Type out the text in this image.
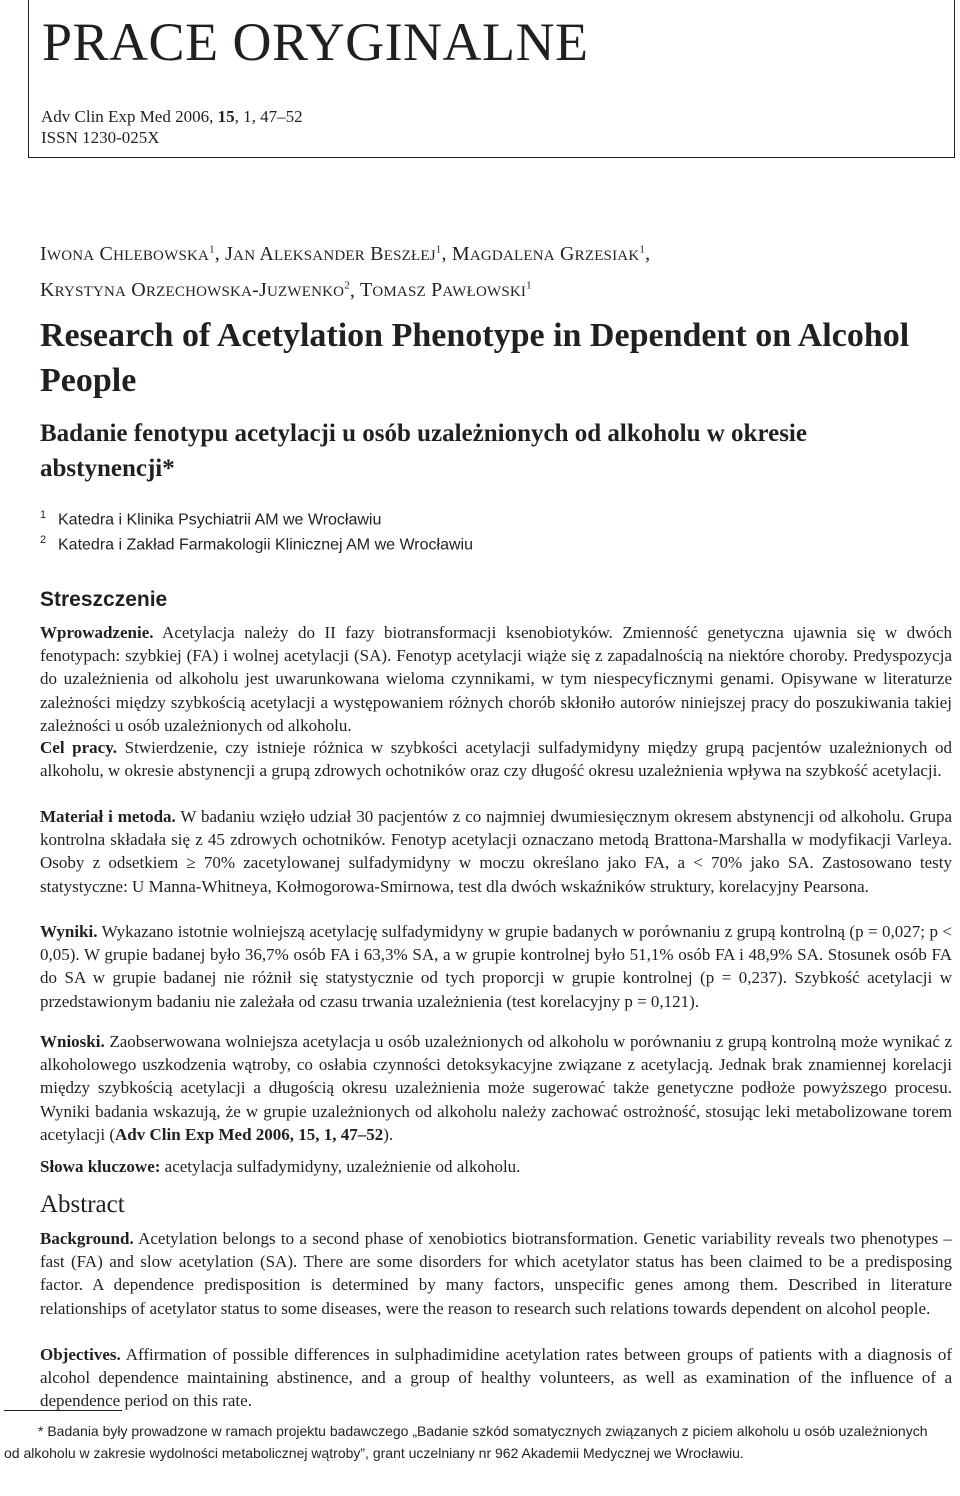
PRACE ORYGINALNE
Adv Clin Exp Med 2006, 15, 1, 47–52
ISSN 1230-025X
IWONA CHLEBOWSKA$^1$, JAN ALEKSANDER BESZŁEJ$^1$, MAGDALENA GRZESIAK$^1$,
KRYSTYNA ORZECHOWSKA-JUZWENKO$^2$, TOMASZ PAWŁOWSKI$^1$
Research of Acetylation Phenotype in Dependent on Alcohol People
Badanie fenotypu acetylacji u osób uzależnionych od alkoholu w okresie abstynencji*
$^1$ Katedra i Klinika Psychiatrii AM we Wrocławiu
$^2$ Katedra i Zakład Farmakologii Klinicznej AM we Wrocławiu
Streszczenie

Wprowadzenie. Acetylacja należy do II fazy biotransformacji ksenobiotyków. Zmienność genetyczna ujawnia się w dwóch fenotypach: szybkiej (FA) i wolnej acetylacji (SA). Fenotyp acetylacji wiąże się z zapadalnością na niektóre choroby. Predyspozycja do uzależnienia od alkoholu jest uwarunkowana wieloma czynnikami, w tym niespecyficznymi genami. Opisywane w literaturze zależności między szybkością acetylacji a występowaniem różnych chorób skłoniło autorów niniejszej pracy do poszukiwania takiej zależności u osób uzależnionych od alkoholu.

Cel pracy. Stwierdzenie, czy istnieje różnica w szybkości acetylacji sulfadymidyny między grupą pacjentów uzależnionych od alkoholu, w okresie abstynencji a grupą zdrowych ochotników oraz czy długość okresu uzależnienia wpływa na szybkość acetylacji.

Materiał i metoda. W badaniu wzięło udział 30 pacjentów z co najmniej dwumiesięcznym okresem abstynencji od alkoholu. Grupa kontrolna składała się z 45 zdrowych ochotników. Fenotyp acetylacji oznaczano metodą Brattona-Marshalla w modyfikacji Varleya. Osoby z odsetkiem ≥ 70% zacetylowanej sulfadymidyny w moczu określano jako FA, a < 70% jako SA. Zastosowano testy statystyczne: U Manna-Whitneya, Kołmogorowa-Smirnowa, test dla dwóch wskaźników struktury, korelacyjny Pearsona.

Wyniki. Wykazano istotnie wolniejszą acetylację sulfadymidyny w grupie badanych w porównaniu z grupą kontrolną (p = 0,027; p < 0,05). W grupie badanej było 36,7% osób FA i 63,3% SA, a w grupie kontrolnej było 51,1% osób FA i 48,9% SA. Stosunek osób FA do SA w grupie badanej nie różnił się statystycznie od tych proporcji w grupie kontrolnej (p = 0,237). Szybkość acetylacji w przedstawionym badaniu nie zależała od czasu trwania uzależnienia (test korelacyjny p = 0,121).

Wnioski. Zaobserwowana wolniejsza acetylacja u osób uzależnionych od alkoholu w porównaniu z grupą kontrolną może wynikać z alkoholowego uszkodzenia wątroby, co osłabia czynności detoksykacyjne związane z acetylacją. Jednak brak znamiennej korelacji między szybkością acetylacji a długością okresu uzależnienia może sugerować także genetyczne podłoże powyższego procesu. Wyniki badania wskazują, że w grupie uzależnionych od alkoholu należy zachować ostrożność, stosując leki metabolizowane torem acetylacji (Adv Clin Exp Med 2006, 15, 1, 47–52).

Słowa kluczowe: acetylacja sulfadymidyny, uzależnienie od alkoholu.

Abstract

Background. Acetylation belongs to a second phase of xenobiotics biotransformation. Genetic variability reveals two phenotypes – fast (FA) and slow acetylation (SA). There are some disorders for which acetylator status has been claimed to be a predisposing factor. A dependence predisposition is determined by many factors, unspecific genes among them. Described in literature relationships of acetylator status to some diseases, were the reason to research such relations towards dependent on alcohol people.

Objectives. Affirmation of possible differences in sulphadimidine acetylation rates between groups of patients with a diagnosis of alcohol dependence maintaining abstinence, and a group of healthy volunteers, as well as examination of the influence of a dependence period on this rate.

* Badania były prowadzone w ramach projektu badawczego „Badanie szkód somatycznych związanych z piciem alkoholu u osób uzależnionych od alkoholu w zakresie wydolności metabolicznej wątroby”, grant uczelniany nr 962 Akademii Medycznej we Wrocławiu.
